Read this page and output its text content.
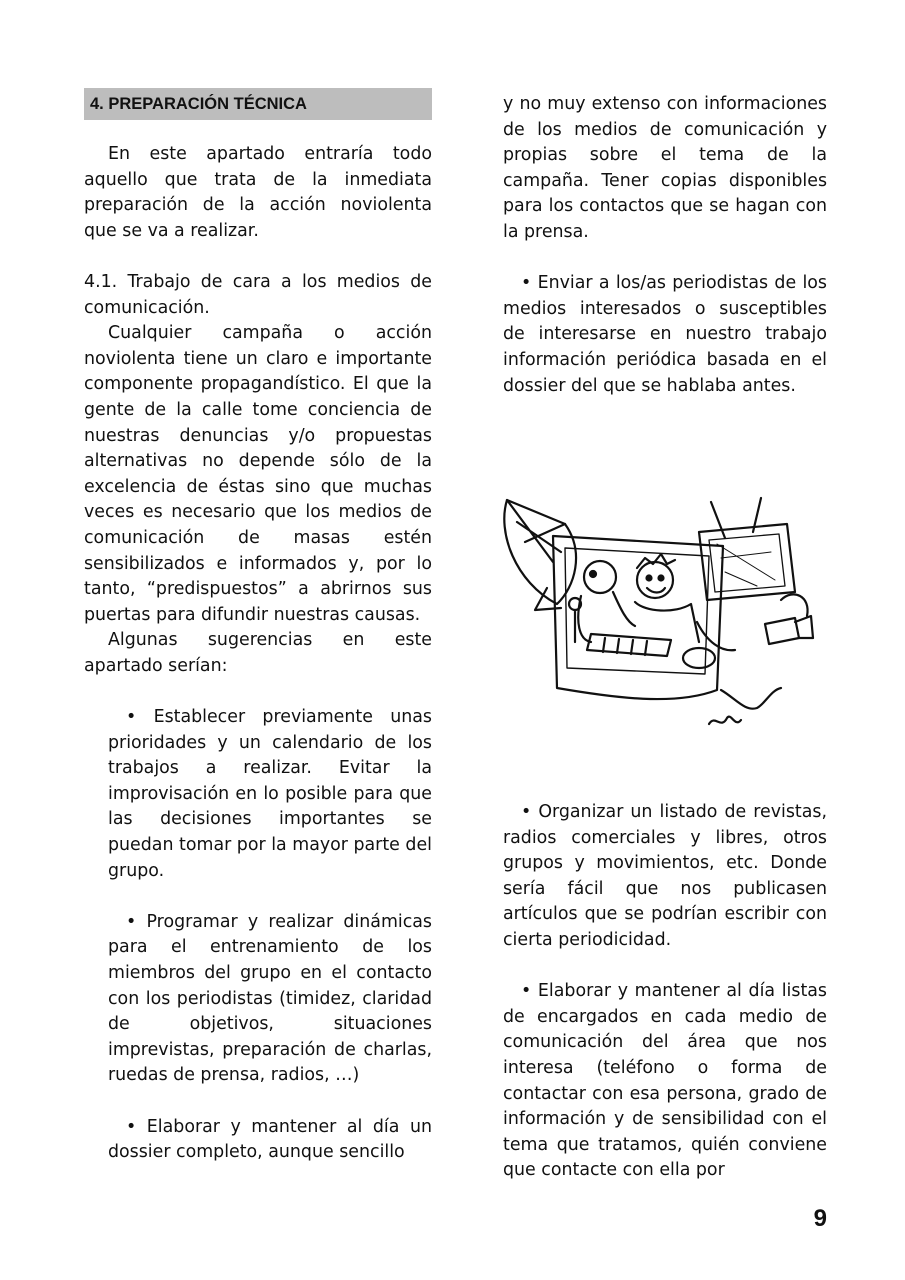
4. PREPARACIÓN TÉCNICA

En este apartado entraría todo aquello que trata de la inmediata preparación de la acción noviolenta que se va a realizar.

4.1. Trabajo de cara a los medios de comunicación.

Cualquier campaña o acción noviolenta tiene un claro e importante componente propagandístico. El que la gente de la calle tome conciencia de nuestras denuncias y/o propuestas alternativas no depende sólo de la excelencia de éstas sino que muchas veces es necesario que los medios de comunicación de masas estén sensibilizados e informados y, por lo tanto, “predispuestos” a abrirnos sus puertas para difundir nuestras causas.

Algunas sugerencias en este apartado serían:

• Establecer previamente unas prioridades y un calendario de los trabajos a realizar. Evitar la improvisación en lo posible para que las decisiones importantes se puedan tomar por la mayor parte del grupo.

• Programar y realizar dinámicas para el entrenamiento de los miembros del grupo en el contacto con los periodistas (timidez, claridad de objetivos, situaciones imprevistas, preparación de charlas, ruedas de prensa, radios, …)

• Elaborar y mantener al día un dossier completo, aunque sencillo

y no muy extenso con informaciones de los medios de comunicación y propias sobre el tema de la campaña. Tener copias disponibles para los contactos que se hagan con la prensa.

• Enviar a los/as periodistas de los medios interesados o susceptibles de interesarse en nuestro trabajo información periódica basada en el dossier del que se hablaba antes.

• Organizar un listado de revistas, radios comerciales y libres, otros grupos y movimientos, etc. Donde sería fácil que nos publicasen artículos que se podrían escribir con cierta periodicidad.

• Elaborar y mantener al día listas de encargados en cada medio de comunicación del área que nos interesa (teléfono o forma de contactar con esa persona, grado de información y de sensibilidad con el tema que tratamos, quién conviene que contacte con ella por

9
